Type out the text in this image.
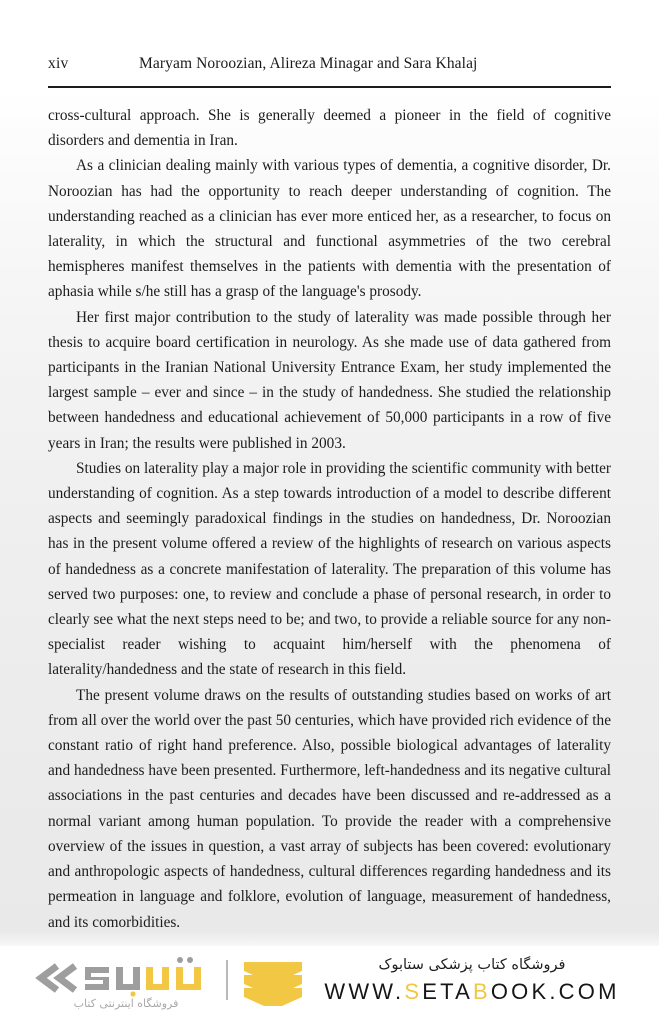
xiv	Maryam Noroozian, Alireza Minagar and Sara Khalaj

cross-cultural approach. She is generally deemed a pioneer in the field of cognitive disorders and dementia in Iran.

As a clinician dealing mainly with various types of dementia, a cognitive disorder, Dr. Noroozian has had the opportunity to reach deeper understanding of cognition. The understanding reached as a clinician has ever more enticed her, as a researcher, to focus on laterality, in which the structural and functional asymmetries of the two cerebral hemispheres manifest themselves in the patients with dementia with the presentation of aphasia while s/he still has a grasp of the language's prosody.

Her first major contribution to the study of laterality was made possible through her thesis to acquire board certification in neurology. As she made use of data gathered from participants in the Iranian National University Entrance Exam, her study implemented the largest sample – ever and since – in the study of handedness. She studied the relationship between handedness and educational achievement of 50,000 participants in a row of five years in Iran; the results were published in 2003.

Studies on laterality play a major role in providing the scientific community with better understanding of cognition. As a step towards introduction of a model to describe different aspects and seemingly paradoxical findings in the studies on handedness, Dr. Noroozian has in the present volume offered a review of the highlights of research on various aspects of handedness as a concrete manifestation of laterality. The preparation of this volume has served two purposes: one, to review and conclude a phase of personal research, in order to clearly see what the next steps need to be; and two, to provide a reliable source for any non-specialist reader wishing to acquaint him/herself with the phenomena of laterality/handedness and the state of research in this field.

The present volume draws on the results of outstanding studies based on works of art from all over the world over the past 50 centuries, which have provided rich evidence of the constant ratio of right hand preference. Also, possible biological advantages of laterality and handedness have been presented. Furthermore, left-handedness and its negative cultural associations in the past centuries and decades have been discussed and re-addressed as a normal variant among human population. To provide the reader with a comprehensive overview of the issues in question, a vast array of subjects has been covered: evolutionary and anthropologic aspects of handedness, cultural differences regarding handedness and its permeation in language and folklore, evolution of language, measurement of handedness, and its comorbidities.

فروشگاه اینترنتی کتاب
فروشگاه کتاب پزشکی ستابوک
WWW.SETABOOK.COM
